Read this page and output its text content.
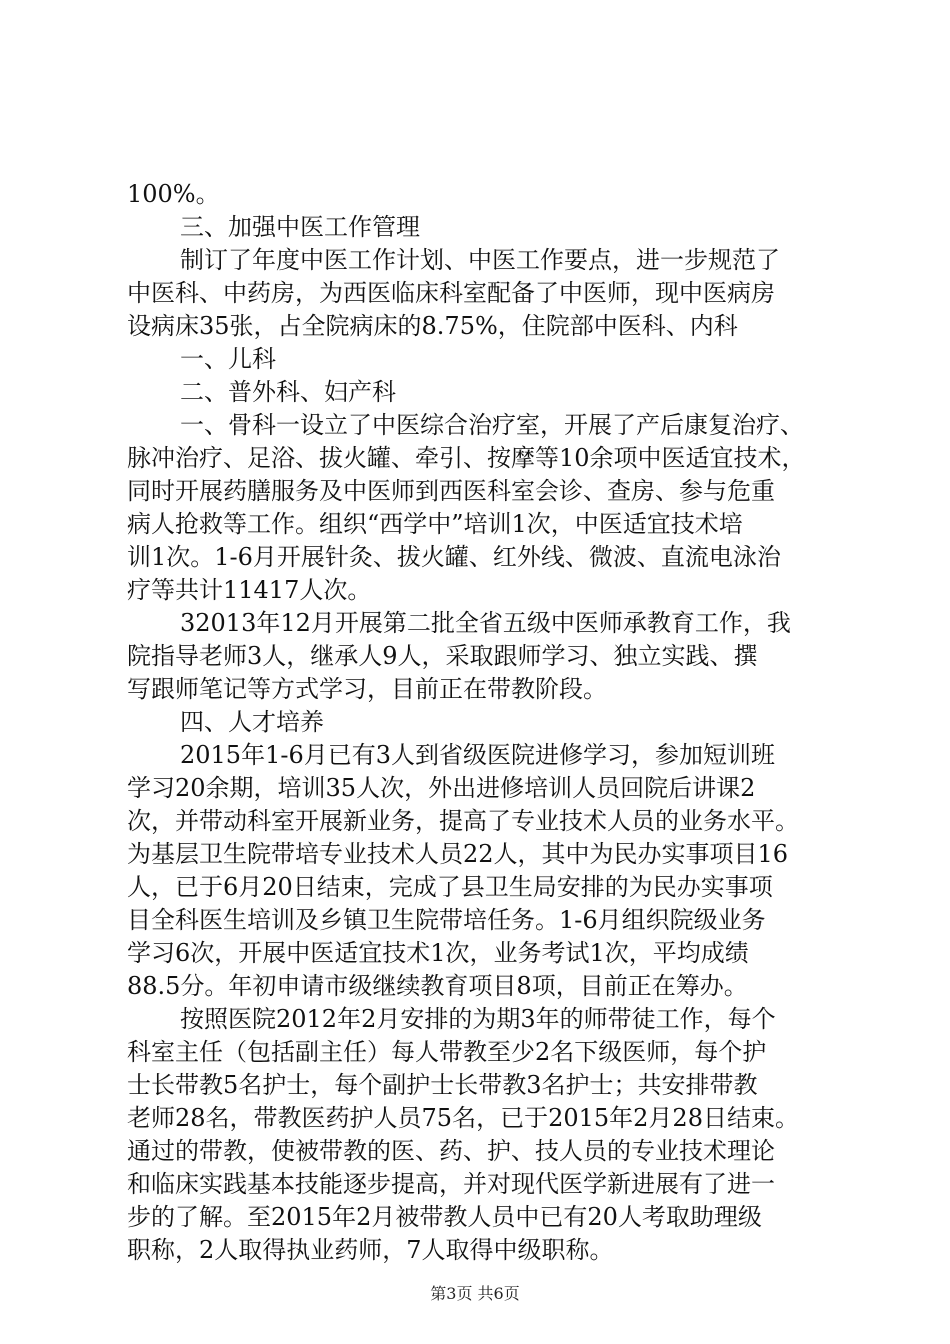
100%。
三、加强中医工作管理
制订了年度中医工作计划、中医工作要点，进一步规范了
中医科、中药房，为西医临床科室配备了中医师，现中医病房
设病床35张，占全院病床的8.75%，住院部中医科、内科
一、儿科
二、普外科、妇产科
一、骨科一设立了中医综合治疗室，开展了产后康复治疗、
脉冲治疗、足浴、拔火罐、牵引、按摩等10余项中医适宜技术，
同时开展药膳服务及中医师到西医科室会诊、查房、参与危重
病人抢救等工作。组织“西学中”培训1次，中医适宜技术培
训1次。1-6月开展针灸、拔火罐、红外线、微波、直流电泳治
疗等共计11417人次。
32013年12月开展第二批全省五级中医师承教育工作，我
院指导老师3人，继承人9人，采取跟师学习、独立实践、撰
写跟师笔记等方式学习，目前正在带教阶段。
四、人才培养
2015年1-6月已有3人到省级医院进修学习，参加短训班
学习20余期，培训35人次，外出进修培训人员回院后讲课2
次，并带动科室开展新业务，提高了专业技术人员的业务水平。
为基层卫生院带培专业技术人员22人，其中为民办实事项目16
人，已于6月20日结束，完成了县卫生局安排的为民办实事项
目全科医生培训及乡镇卫生院带培任务。1-6月组织院级业务
学习6次，开展中医适宜技术1次，业务考试1次，平均成绩
88.5分。年初申请市级继续教育项目8项，目前正在筹办。
按照医院2012年2月安排的为期3年的师带徒工作，每个
科室主任（包括副主任）每人带教至少2名下级医师，每个护
士长带教5名护士，每个副护士长带教3名护士；共安排带教
老师28名，带教医药护人员75名，已于2015年2月28日结束。
通过的带教，使被带教的医、药、护、技人员的专业技术理论
和临床实践基本技能逐步提高，并对现代医学新进展有了进一
步的了解。至2015年2月被带教人员中已有20人考取助理级
职称，2人取得执业药师，7人取得中级职称。
第3页 共6页
